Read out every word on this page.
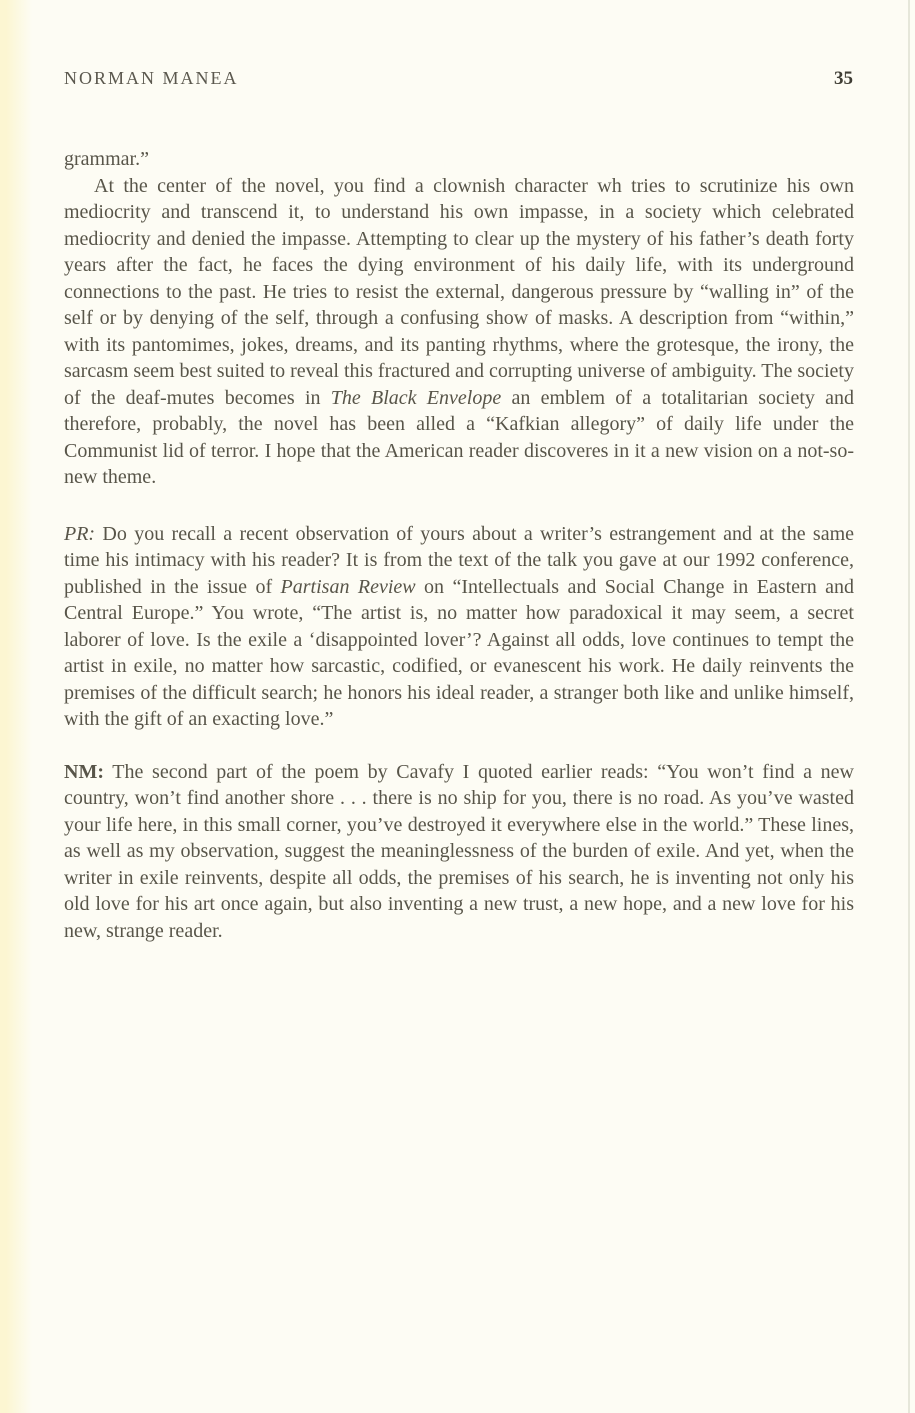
NORMAN MANEA	35

grammar.”

At the center of the novel, you find a clownish character wh tries to scrutinize his own mediocrity and transcend it, to understand his own impasse, in a society which celebrated mediocrity and denied the impasse. Attempting to clear up the mystery of his father’s death forty years after the fact, he faces the dying environment of his daily life, with its underground connections to the past. He tries to resist the external, dangerous pressure by “walling in” of the self or by denying of the self, through a confusing show of masks. A description from “within,” with its pantomimes, jokes, dreams, and its panting rhythms, where the grotesque, the irony, the sarcasm seem best suited to reveal this fractured and corrupting universe of ambiguity. The society of the deaf-mutes becomes in The Black Envelope an emblem of a totalitarian society and therefore, probably, the novel has been alled a “Kafkian allegory” of daily life under the Communist lid of terror. I hope that the American reader discoveres in it a new vision on a not-so-new theme.

PR: Do you recall a recent observation of yours about a writer’s estrangement and at the same time his intimacy with his reader? It is from the text of the talk you gave at our 1992 conference, published in the issue of Partisan Review on “Intellectuals and Social Change in Eastern and Central Europe.” You wrote, “The artist is, no matter how paradoxical it may seem, a secret laborer of love. Is the exile a ‘disappointed lover’? Against all odds, love continues to tempt the artist in exile, no matter how sarcastic, codified, or evanescent his work. He daily reinvents the premises of the difficult search; he honors his ideal reader, a stranger both like and unlike himself, with the gift of an exacting love.”

NM: The second part of the poem by Cavafy I quoted earlier reads: “You won’t find a new country, won’t find another shore . . . there is no ship for you, there is no road. As you’ve wasted your life here, in this small corner, you’ve destroyed it everywhere else in the world.” These lines, as well as my observation, suggest the meaninglessness of the burden of exile. And yet, when the writer in exile reinvents, despite all odds, the premises of his search, he is inventing not only his old love for his art once again, but also inventing a new trust, a new hope, and a new love for his new, strange reader.
